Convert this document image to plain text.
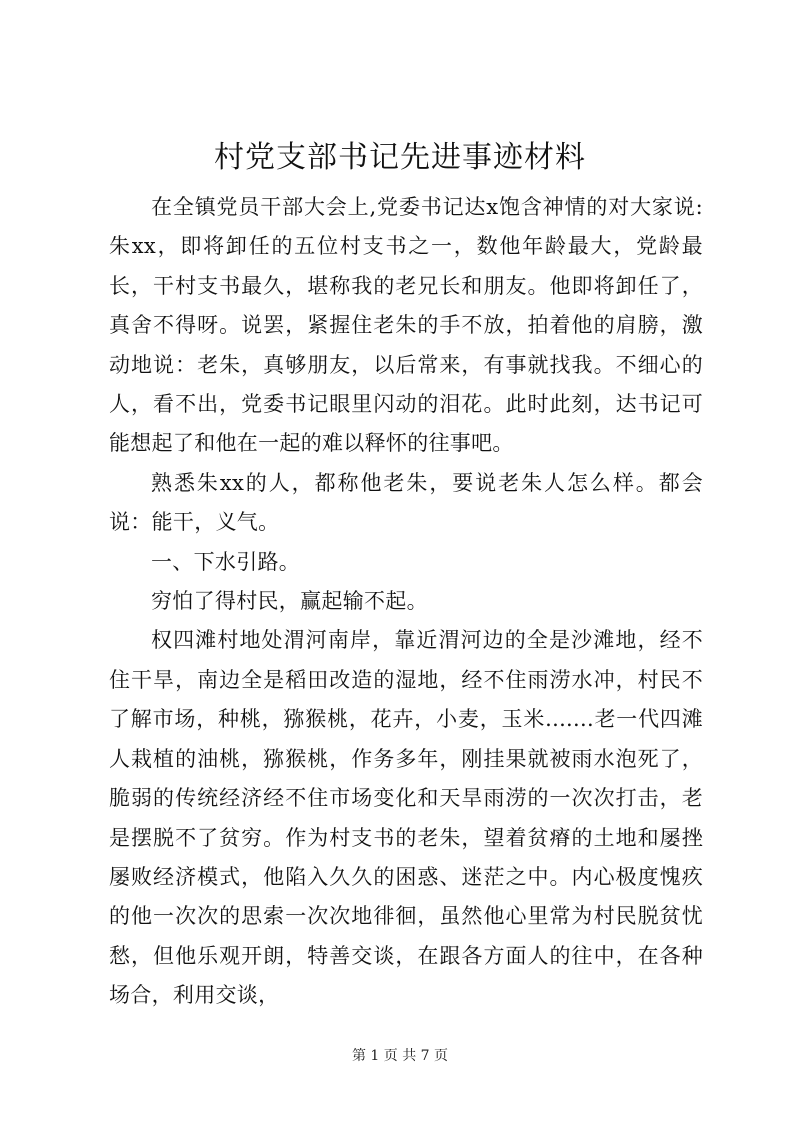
村党支部书记先进事迹材料

在全镇党员干部大会上,党委书记达x饱含神情的对大家说:朱xx，即将卸任的五位村支书之一，数他年龄最大，党龄最长，干村支书最久，堪称我的老兄长和朋友。他即将卸任了，真舍不得呀。说罢，紧握住老朱的手不放，拍着他的肩膀，激动地说：老朱，真够朋友，以后常来，有事就找我。不细心的人，看不出，党委书记眼里闪动的泪花。此时此刻，达书记可能想起了和他在一起的难以释怀的往事吧。

熟悉朱xx的人，都称他老朱，要说老朱人怎么样。都会说：能干，义气。

一、下水引路。

穷怕了得村民，赢起输不起。

权四滩村地处渭河南岸，靠近渭河边的全是沙滩地，经不住干旱，南边全是稻田改造的湿地，经不住雨涝水冲，村民不了解市场，种桃，猕猴桃，花卉，小麦，玉米.......老一代四滩人栽植的油桃，猕猴桃，作务多年，刚挂果就被雨水泡死了，脆弱的传统经济经不住市场变化和天旱雨涝的一次次打击，老是摆脱不了贫穷。作为村支书的老朱，望着贫瘠的土地和屡挫屡败经济模式，他陷入久久的困惑、迷茫之中。内心极度愧疚的他一次次的思索一次次地徘徊，虽然他心里常为村民脱贫忧愁，但他乐观开朗，特善交谈，在跟各方面人的往中，在各种场合，利用交谈，

第 1 页 共 7 页
